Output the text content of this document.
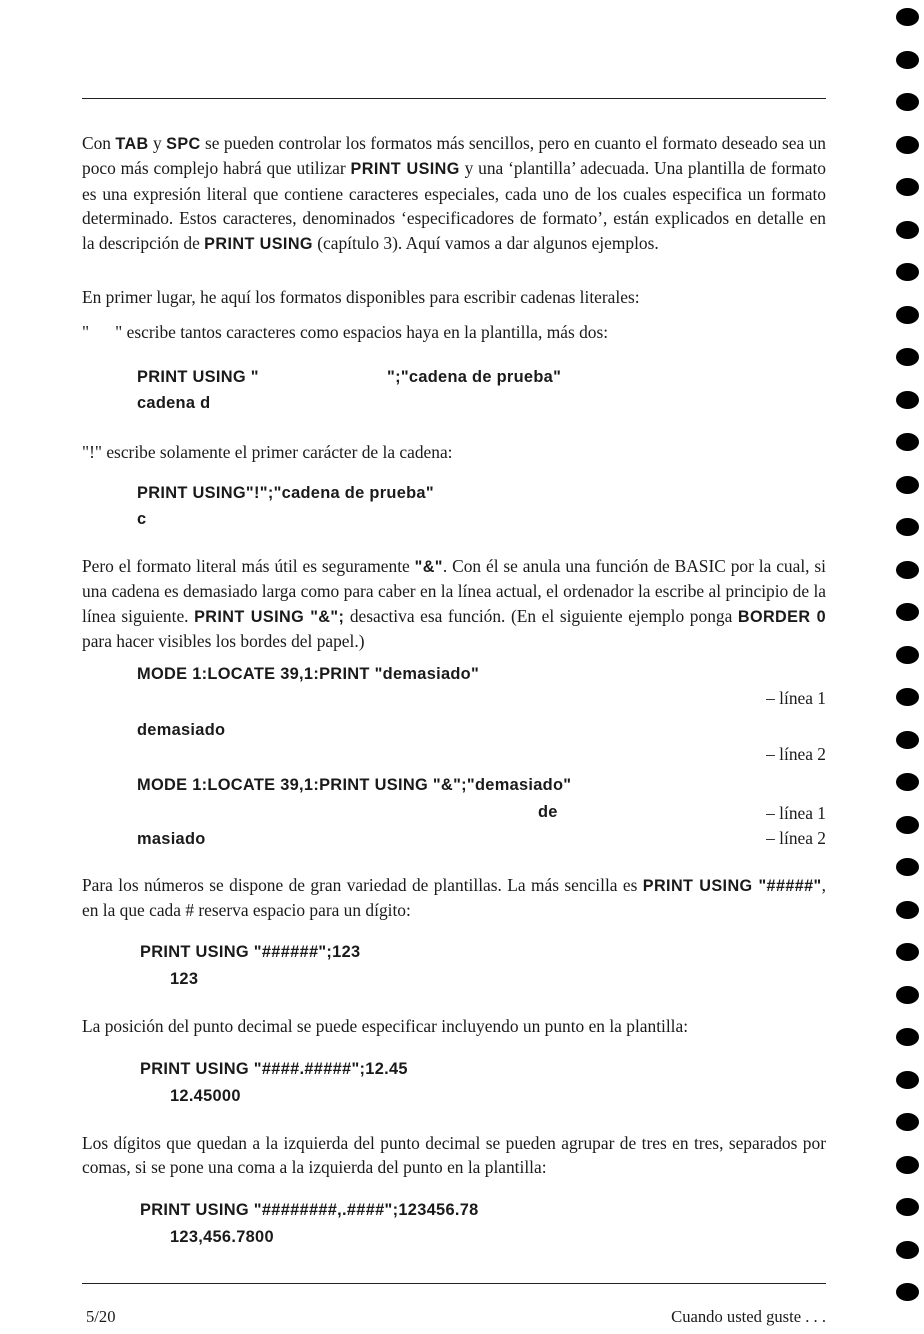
Con TAB y SPC se pueden controlar los formatos más sencillos, pero en cuanto el formato deseado sea un poco más complejo habrá que utilizar PRINT USING y una ‘plantilla’ adecuada. Una plantilla de formato es una expresión literal que contiene caracteres especiales, cada uno de los cuales especifica un formato determinado. Estos caracteres, denominados ‘especificadores de formato’, están explicados en detalle en la descripción de PRINT USING (capítulo 3). Aquí vamos a dar algunos ejemplos.

En primer lugar, he aquí los formatos disponibles para escribir cadenas literales:

"      " escribe tantos caracteres como espacios haya en la plantilla, más dos:

PRINT USING "	";"cadena de prueba"
cadena d

"!" escribe solamente el primer carácter de la cadena:

PRINT USING"!";"cadena de prueba"
c

Pero el formato literal más útil es seguramente "&". Con él se anula una función de BASIC por la cual, si una cadena es demasiado larga como para caber en la línea actual, el ordenador la escribe al principio de la línea siguiente. PRINT USING "&"; desactiva esa función. (En el siguiente ejemplo ponga BORDER 0 para hacer visibles los bordes del papel.)

MODE 1:LOCATE 39,1:PRINT "demasiado"
– línea 1
demasiado
– línea 2
MODE 1:LOCATE 39,1:PRINT USING "&";"demasiado"
de	– línea 1
masiado	– línea 2

Para los números se dispone de gran variedad de plantillas. La más sencilla es PRINT USING "#####", en la que cada # reserva espacio para un dígito:

PRINT USING "######";123
123

La posición del punto decimal se puede especificar incluyendo un punto en la plantilla:

PRINT USING "####.#####";12.45
12.45000

Los dígitos que quedan a la izquierda del punto decimal se pueden agrupar de tres en tres, separados por comas, si se pone una coma a la izquierda del punto en la plantilla:

PRINT USING "########,.####";123456.78
123,456.7800
5/20	Cuando usted guste . . .
